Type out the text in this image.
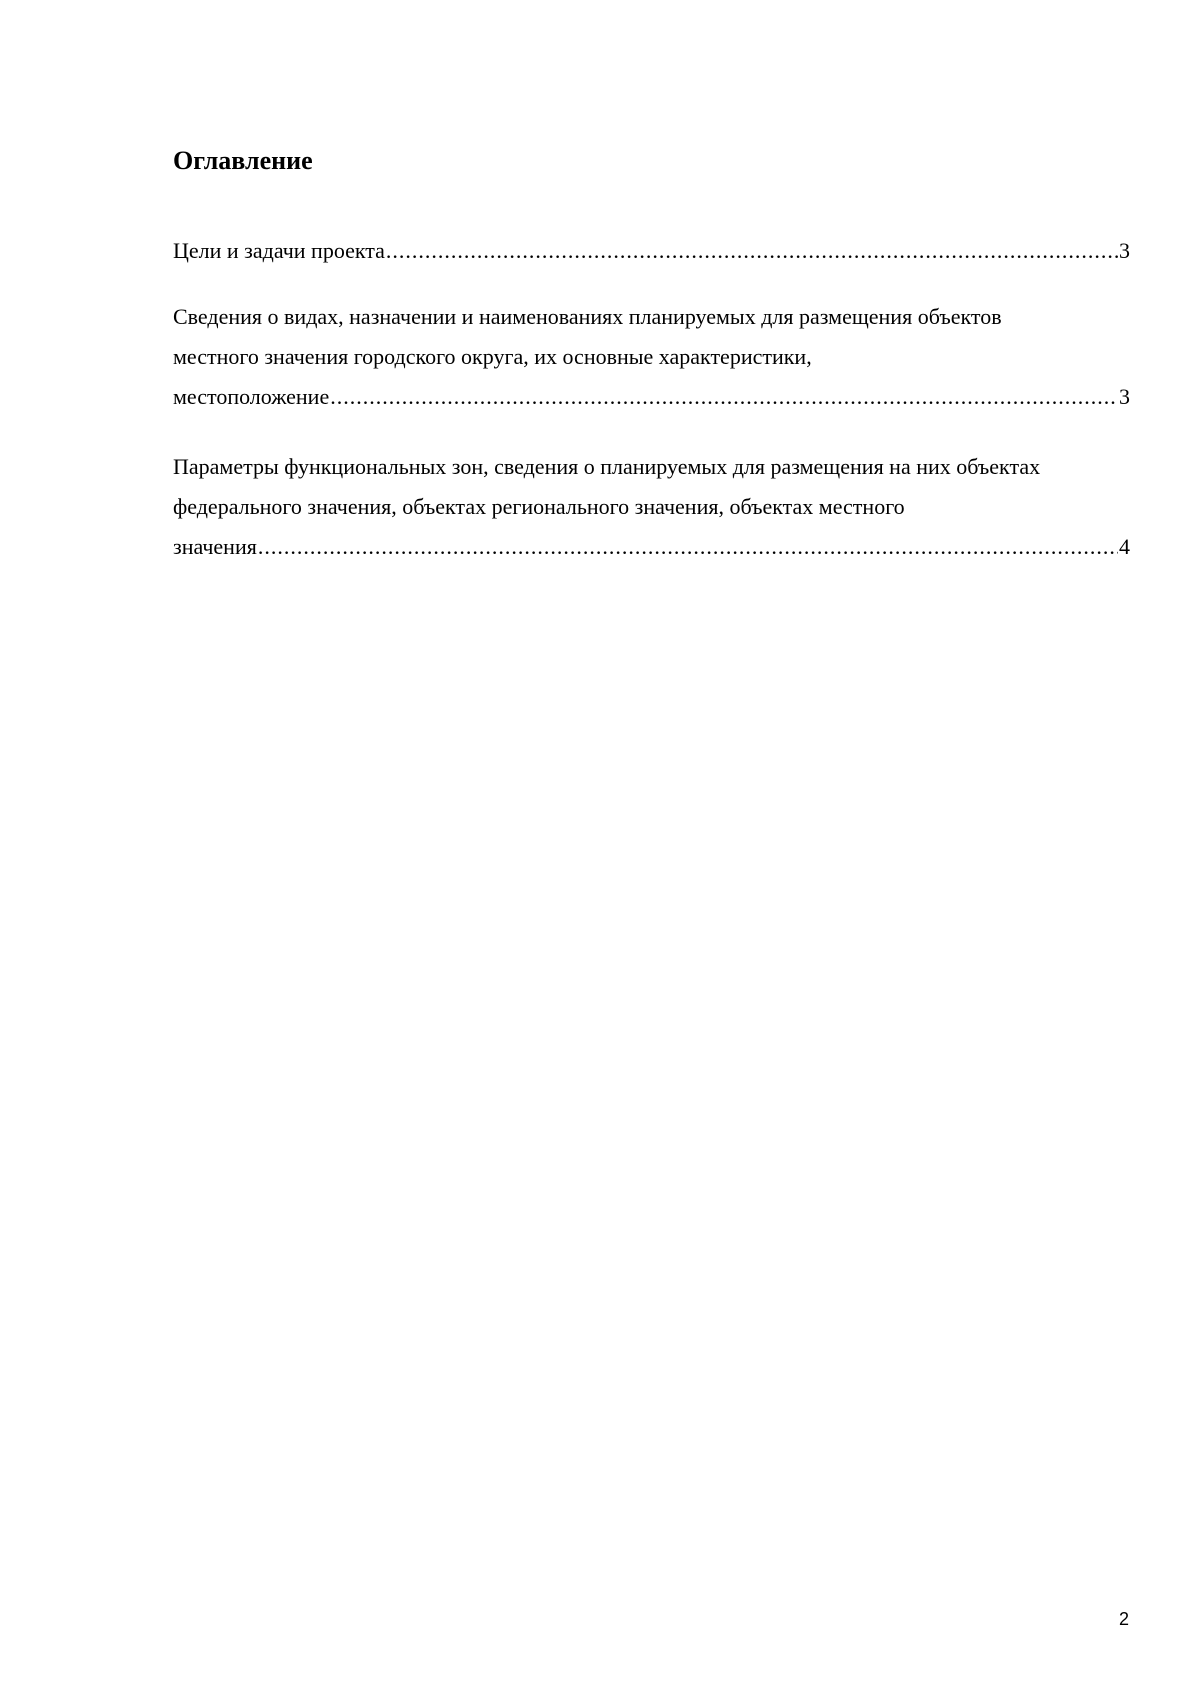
Оглавление
Цели и задачи проекта .....	3
Сведения о видах, назначении и наименованиях планируемых для размещения объектов
местного значения городского округа, их основные характеристики,
местоположение .....	3
Параметры функциональных зон, сведения о планируемых для размещения на них объектах
федерального значения, объектах регионального значения, объектах местного
значения .....	4
2
